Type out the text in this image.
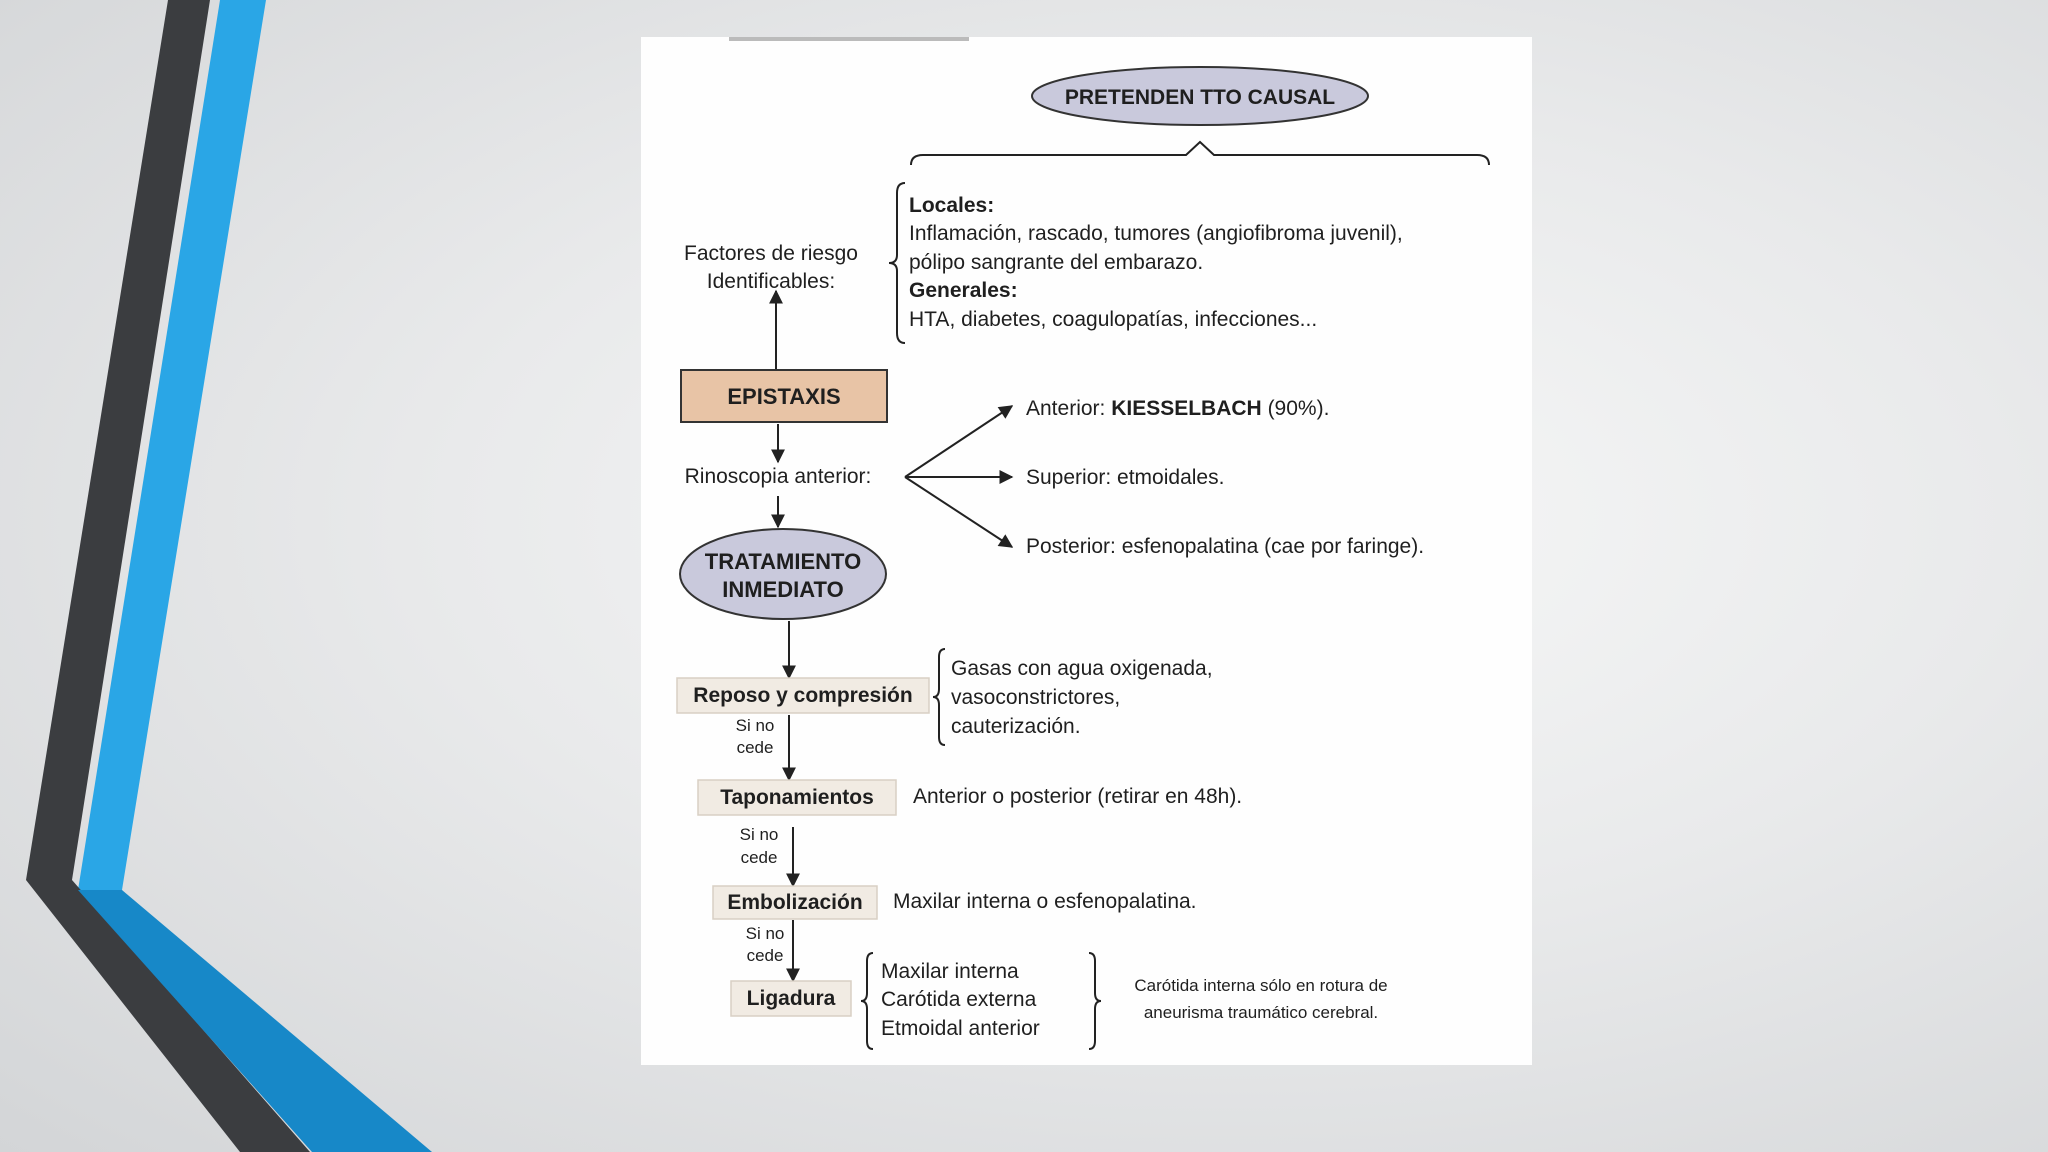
PRETENDEN TTO CAUSAL
Factores de riesgo
Identificables:
Locales:
Inflamación, rascado, tumores (angiofibroma juvenil),
pólipo sangrante del embarazo.
Generales:
HTA, diabetes, coagulopatías, infecciones...
EPISTAXIS
Rinoscopia anterior:
Anterior: KIESSELBACH (90%).
Superior: etmoidales.
Posterior: esfenopalatina (cae por faringe).
TRATAMIENTO
INMEDIATO
Reposo y compresión
Gasas con agua oxigenada,
vasoconstrictores,
cauterización.
Si no
cede
Taponamientos Anterior o posterior (retirar en 48h).
Si no
cede
Embolización Maxilar interna o esfenopalatina.
Si no
cede
Ligadura
Maxilar interna
Carótida externa
Etmoidal anterior
Carótida interna sólo en rotura de
aneurisma traumático cerebral.
